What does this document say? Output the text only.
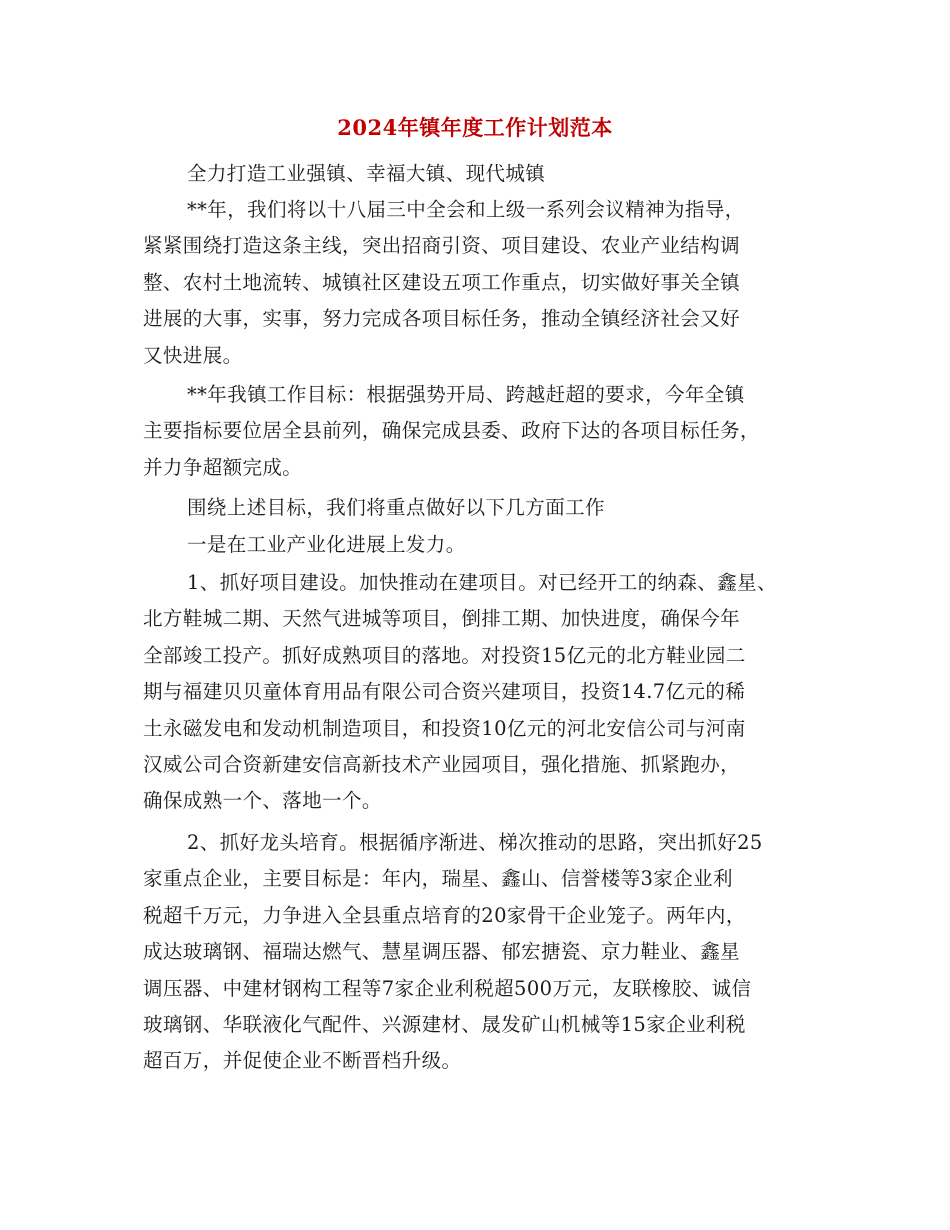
2024年镇年度工作计划范本
全力打造工业强镇、幸福大镇、现代城镇
**年，我们将以十八届三中全会和上级一系列会议精神为指导，
紧紧围绕打造这条主线，突出招商引资、项目建设、农业产业结构调
整、农村土地流转、城镇社区建设五项工作重点，切实做好事关全镇
进展的大事，实事，努力完成各项目标任务，推动全镇经济社会又好
又快进展。
**年我镇工作目标：根据强势开局、跨越赶超的要求，今年全镇
主要指标要位居全县前列，确保完成县委、政府下达的各项目标任务，
并力争超额完成。
围绕上述目标，我们将重点做好以下几方面工作
一是在工业产业化进展上发力。
1、抓好项目建设。加快推动在建项目。对已经开工的纳森、鑫星、
北方鞋城二期、天然气进城等项目，倒排工期、加快进度，确保今年
全部竣工投产。抓好成熟项目的落地。对投资15亿元的北方鞋业园二
期与福建贝贝童体育用品有限公司合资兴建项目，投资14.7亿元的稀
土永磁发电和发动机制造项目，和投资10亿元的河北安信公司与河南
汉威公司合资新建安信高新技术产业园项目，强化措施、抓紧跑办，
确保成熟一个、落地一个。
2、抓好龙头培育。根据循序渐进、梯次推动的思路，突出抓好25
家重点企业，主要目标是：年内，瑞星、鑫山、信誉楼等3家企业利
税超千万元，力争进入全县重点培育的20家骨干企业笼子。两年内，
成达玻璃钢、福瑞达燃气、慧星调压器、郁宏搪瓷、京力鞋业、鑫星
调压器、中建材钢构工程等7家企业利税超500万元，友联橡胶、诚信
玻璃钢、华联液化气配件、兴源建材、晟发矿山机械等15家企业利税
超百万，并促使企业不断晋档升级。
